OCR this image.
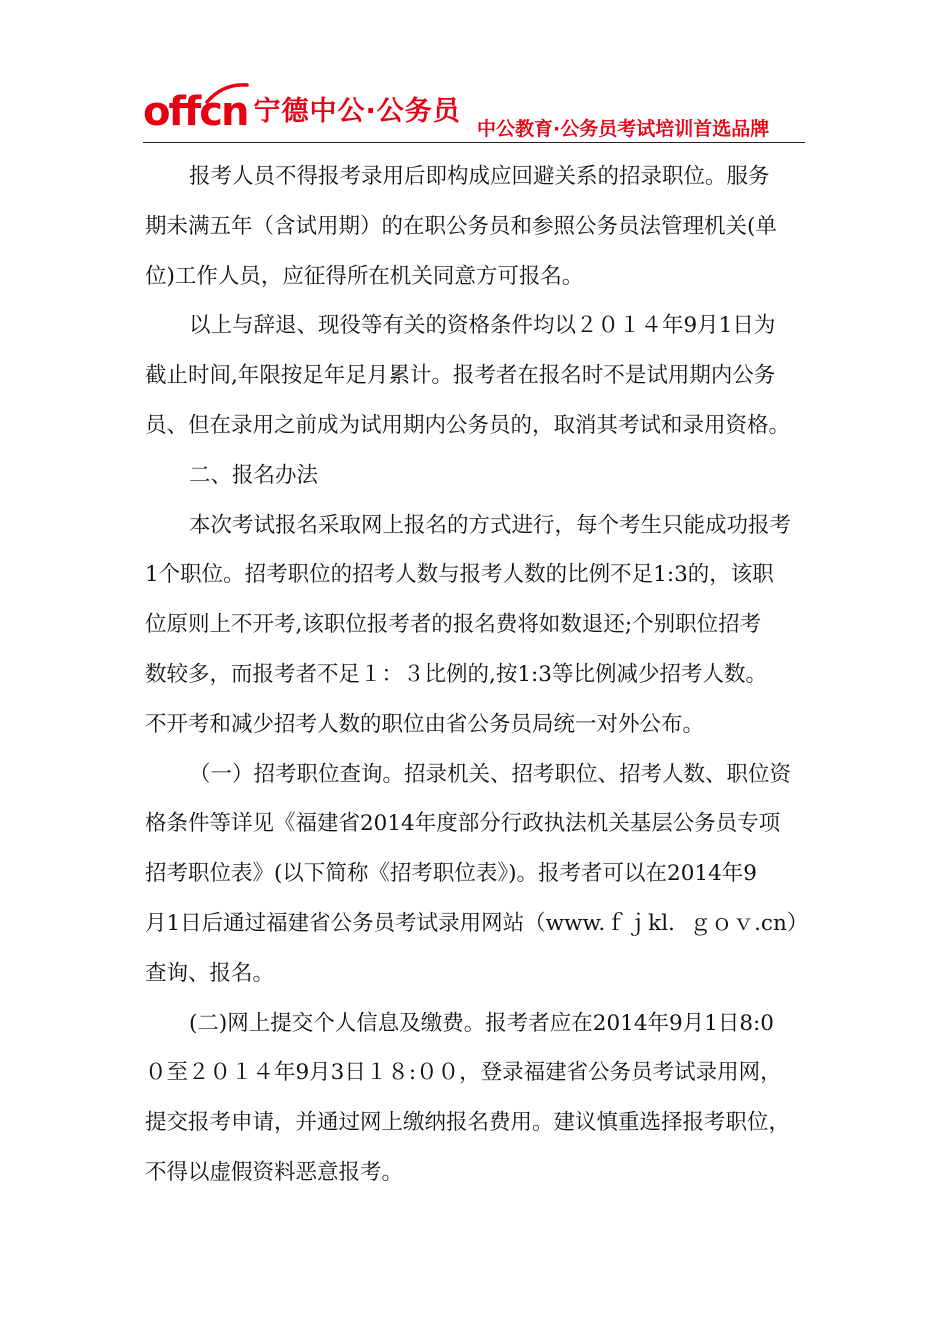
offcn 宁德中公·公务员
中公教育·公务员考试培训首选品牌
报考人员不得报考录用后即构成应回避关系的招录职位。服务
期未满五年（含试用期）的在职公务员和参照公务员法管理机关(单
位)工作人员，应征得所在机关同意方可报名。
以上与辞退、现役等有关的资格条件均以２０１４年9月1日为
截止时间,年限按足年足月累计。报考者在报名时不是试用期内公务
员、但在录用之前成为试用期内公务员的，取消其考试和录用资格。
二、报名办法
本次考试报名采取网上报名的方式进行，每个考生只能成功报考
1个职位。招考职位的招考人数与报考人数的比例不足1:3的，该职
位原则上不开考,该职位报考者的报名费将如数退还;个别职位招考
数较多，而报考者不足１：３比例的,按1:3等比例减少招考人数。
不开考和减少招考人数的职位由省公务员局统一对外公布。
（一）招考职位查询。招录机关、招考职位、招考人数、职位资
格条件等详见《福建省2014年度部分行政执法机关基层公务员专项
招考职位表》(以下简称《招考职位表》)。报考者可以在2014年9
月1日后通过福建省公务员考试录用网站（www.ｆｊkl．ｇｏｖ.cn）
查询、报名。
(二)网上提交个人信息及缴费。报考者应在2014年9月1日8:0
０至２０１４年9月3日１８:００，登录福建省公务员考试录用网，
提交报考申请，并通过网上缴纳报名费用。建议慎重选择报考职位，
不得以虚假资料恶意报考。
